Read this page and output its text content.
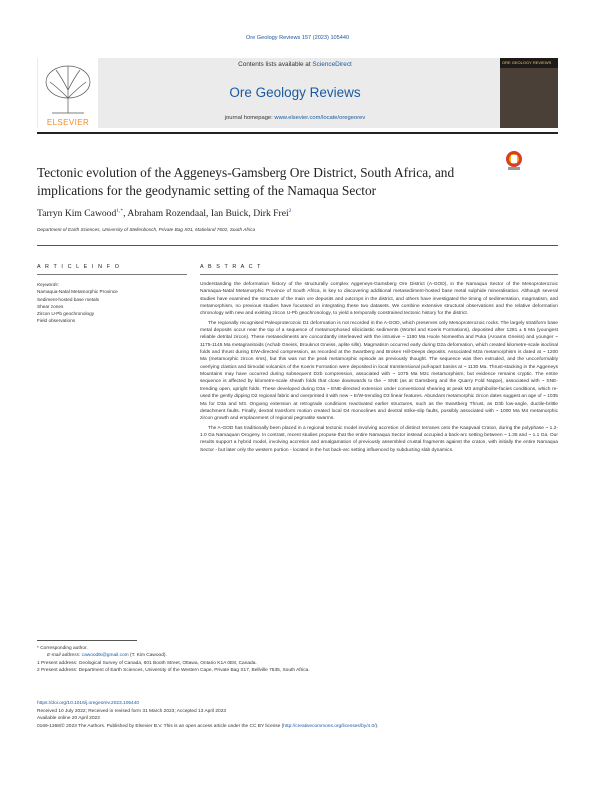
Ore Geology Reviews 157 (2023) 105440
ELSEVIER
Contents lists available at ScienceDirect
Ore Geology Reviews
journal homepage: www.elsevier.com/locate/oregeorev
ORE GEOLOGY REVIEWS
Tectonic evolution of the Aggeneys-Gamsberg Ore District, South Africa, and implications for the geodynamic setting of the Namaqua Sector
Tarryn Kim Cawood$^{1,*}$, Abraham Rozendaal, Ian Buick, Dirk Frei$^2$
Department of Earth Sciences, University of Stellenbosch, Private Bag X01, Matieland 7602, South Africa
A R T I C L E I N F O	A B S T R A C T
Keywords:
Namaqua-Natal Metamorphic Province
Sediment-hosted base metals
Shear zones
Zircon U-Pb geochronology
Field observations

Understanding the deformation history of the structurally complex Aggeneys-Gamsberg Ore District (A-GOD), in the Namaqua Sector of the Mesoproterozoic Namaqua-Natal Metamorphic Province of South Africa, is key to discovering additional metasediment-hosted base metal sulphide mineralisation. Although several studies have examined the structure of the main ore deposits and outcrops in the district, and others have investigated the timing of sedimentation, magmatism, and metamorphism, no previous studies have focussed on integrating these two datasets. We combine extensive structural observations and the relative deformation chronology with new and existing zircon U-Pb geochronology, to yield a temporally constrained tectonic history for the district.

The regionally recognised Paleoproterozoic D1 deformation is not recorded in the A-GOD, which preserves only Mesoproterozoic rocks. The largely stratiform base metal deposits occur near the top of a sequence of metamorphosed siliciclastic sediments (Wortel and Koeris Formations), deposited after 1281 ± 5 Ma (youngest reliable detrital zircon). These metasediments are concordantly interleaved with the intrusive ~ 1190 Ma Hoole Nomeetha and Puka (Aroams Gneiss) and younger ~ 1175-1145 Ma metagranitoids (Achab Gneiss, Brouknot Gneiss, aplite sills). Magmatism occurred early during D2a deformation, which created kilometre-scale isoclinal folds and thrust during E/W-directed compression, as recorded at the Swartberg and Broken Hill-Deeps deposits. Associated M2a metamorphism is dated at ~ 1200 Ma (metamorphic zircon rims), but this was not the peak metamorphic episode as previously thought. The sequence was then extruded, and the unconformably overlying clastics and bimodal volcanics of the Koeris Formation were deposited in local transtensional pull-apart basins at ~ 1130 Ma. Thrust-stacking in the Aggeneys Mountains may have occurred during subsequent D2b compression, associated with ~ 1075 Ma M2c metamorphism, but evidence remains cryptic. The entire sequence is affected by kilometre-scale sheath folds that close downwards to the ~ SNE (as at Gamsberg and the Quarry Fold Nappe), associated with ~ SNE-trending open, upright folds. These developed during D3a ~ ENE-directed extension under conventional shearing at peak M3 amphibolite-facies conditions, which re-used the gently dipping D2 regional fabric and overprinted it with new ~ E/W-trending D3 linear features. Abundant metamorphic zircon dates suggest an age of ~ 1035 Ma for D3a and M3. Ongoing extension at retrograde conditions reactivated earlier structures, such as the Swartberg Thrust, as D3b low-angle, ductile-brittle detachment faults. Finally, dextral transform motion created local D4 monoclines and dextral strike-slip faults, possibly associated with ~ 1000 Ma M4 metamorphic zircon growth and emplacement of regional pegmatite swarms.

The A-GOD has traditionally been placed in a regional tectonic model involving accretion of distinct terranes onto the Kaapvaal Craton, during the polyphase ~ 1.2-1.0 Ga Namaquan Orogeny. In contrast, recent studies propose that the entire Namaqua Sector instead occupied a back-arc setting between ~ 1.35 and ~ 1.1 Ga. Our results support a hybrid model, involving accretion and amalgamation of previously assembled crustal fragments against the craton, with initially the entire Namaqua Sector - but later only the western portion - located in the hot back-arc setting influenced by subducting slab dynamics.

* Corresponding author.
E-mail address: cawoodtk@gmail.com (T. Kim Cawood).
1 Present address: Geological Survey of Canada, 601 Booth Street, Ottawa, Ontario K1A 0E8, Canada.
2 Present address: Department of Earth Sciences, University of the Western Cape, Private Bag X17, Bellville 7535, South Africa.
https://doi.org/10.1016/j.oregeorev.2023.105440
Received 10 July 2022; Received in revised form 31 March 2023; Accepted 13 April 2023
Available online 20 April 2023
0169-1368/© 2023 The Authors. Published by Elsevier B.V. This is an open access article under the CC BY license (http://creativecommons.org/licenses/by/4.0/).
